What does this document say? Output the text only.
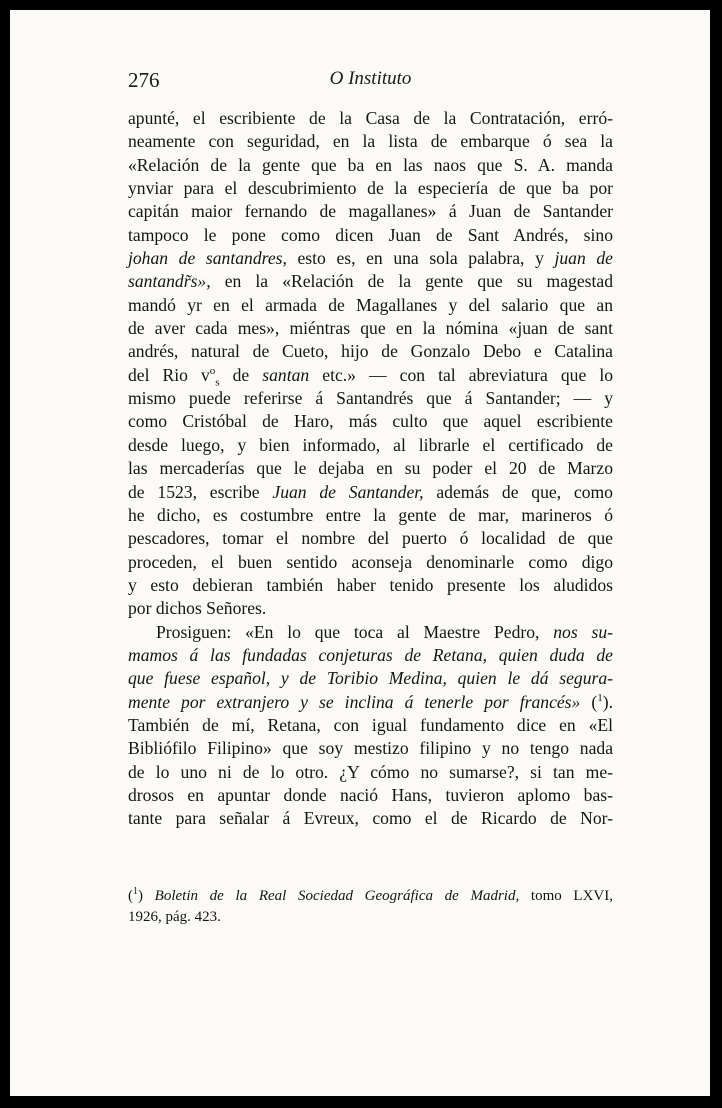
276	O Instituto
apunté, el escribiente de la Casa de la Contratación, erró-
neamente con seguridad, en la lista de embarque ó sea la
«Relación de la gente que ba en las naos que S. A. manda
ynviar para el descubrimiento de la especiería de que ba por
capitán maior fernando de magallanes» á Juan de Santander
tampoco le pone como dicen Juan de Sant Andrés, sino
johan de santandres, esto es, en una sola palabra, y juan de
santandr̃s», en la «Relación de la gente que su magestad
mandó yr en el armada de Magallanes y del salario que an
de aver cada mes», miéntras que en la nómina «juan de sant
andrés, natural de Cueto, hijo de Gonzalo Debo e Catalina
del Rio $v^o_s$ de santan etc.» — con tal abreviatura que lo
mismo puede referirse á Santandrés que á Santander; — y
como Cristóbal de Haro, más culto que aquel escribiente
desde luego, y bien informado, al librarle el certificado de
las mercaderías que le dejaba en su poder el 20 de Marzo
de 1523, escribe Juan de Santander, además de que, como
he dicho, es costumbre entre la gente de mar, marineros ó
pescadores, tomar el nombre del puerto ó localidad de que
proceden, el buen sentido aconseja denominarle como digo
y esto debieran también haber tenido presente los aludidos
por dichos Señores.
Prosiguen: «En lo que toca al Maestre Pedro, nos su-
mamos á las fundadas conjeturas de Retana, quien duda de
que fuese español, y de Toribio Medina, quien le dá segura-
mente por extranjero y se inclina á tenerle por francés» ($^1$).
También de mí, Retana, con igual fundamento dice en «El
Bibliófilo Filipino» que soy mestizo filipino y no tengo nada
de lo uno ni de lo otro. ¿Y cómo no sumarse?, si tan me-
drosos en apuntar donde nació Hans, tuvieron aplomo bas-
tante para señalar á Evreux, como el de Ricardo de Nor-
($^1$) Boletin de la Real Sociedad Geográfica de Madrid, tomo LXVI,
1926, pág. 423.
